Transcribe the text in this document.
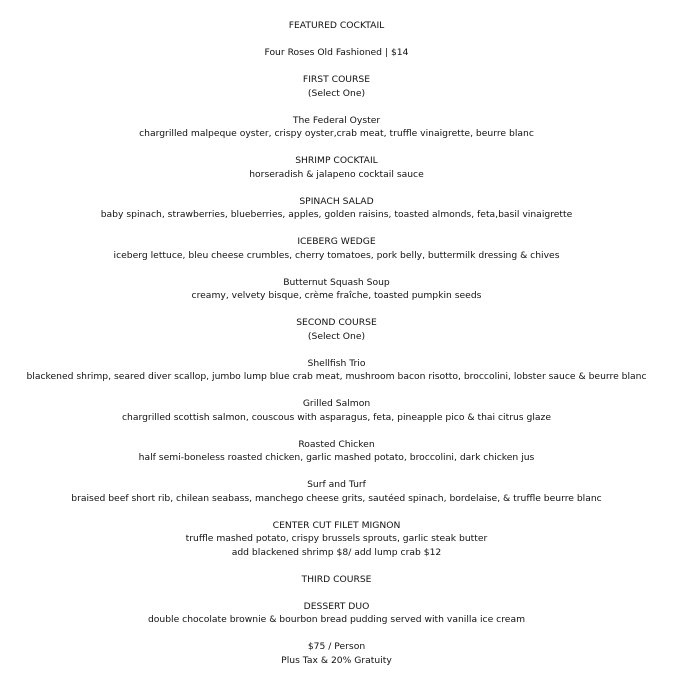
FEATURED COCKTAIL
Four Roses Old Fashioned | $14
FIRST COURSE
(Select One)
The Federal Oyster
chargrilled malpeque oyster, crispy oyster,crab meat, truffle vinaigrette, beurre blanc
SHRIMP COCKTAIL
horseradish & jalapeno cocktail sauce
SPINACH SALAD
baby spinach, strawberries, blueberries, apples, golden raisins, toasted almonds, feta,basil vinaigrette
ICEBERG WEDGE
iceberg lettuce, bleu cheese crumbles, cherry tomatoes, pork belly, buttermilk dressing & chives
Butternut Squash Soup
creamy, velvety bisque, crème fraîche, toasted pumpkin seeds
SECOND COURSE
(Select One)
Shellfish Trio
blackened shrimp, seared diver scallop, jumbo lump blue crab meat, mushroom bacon risotto, broccolini, lobster sauce & beurre blanc
Grilled Salmon
chargrilled scottish salmon, couscous with asparagus, feta, pineapple pico & thai citrus glaze
Roasted Chicken
half semi-boneless roasted chicken, garlic mashed potato, broccolini, dark chicken jus
Surf and Turf
braised beef short rib, chilean seabass, manchego cheese grits, sautéed spinach, bordelaise, & truffle beurre blanc
CENTER CUT FILET MIGNON
truffle mashed potato, crispy brussels sprouts, garlic steak butter
add blackened shrimp $8/ add lump crab $12
THIRD COURSE
DESSERT DUO
double chocolate brownie & bourbon bread pudding served with vanilla ice cream
$75 / Person
Plus Tax & 20% Gratuity
